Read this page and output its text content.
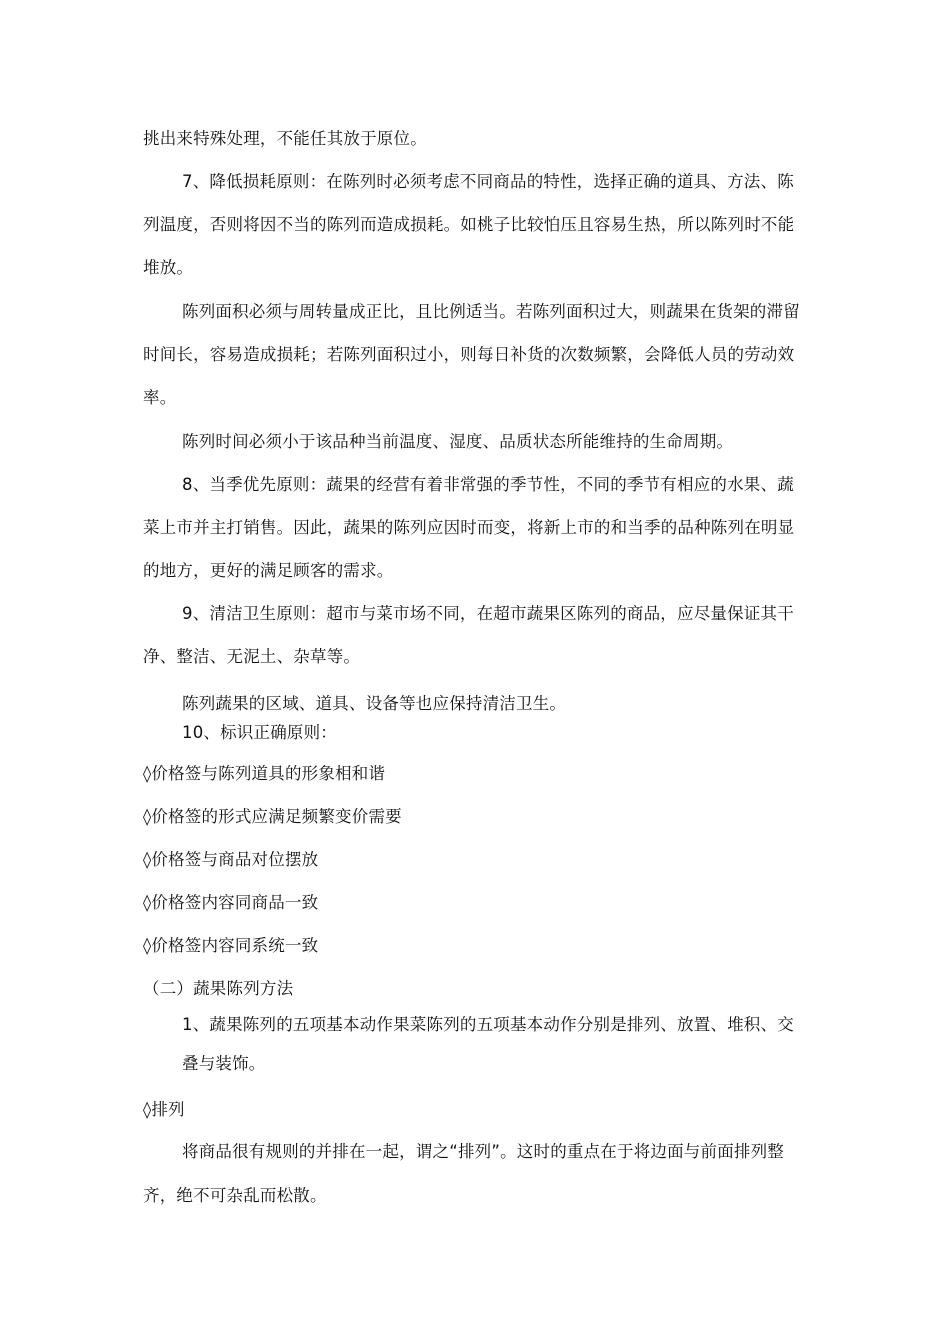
挑出来特殊处理，不能任其放于原位。
7、降低损耗原则：在陈列时必须考虑不同商品的特性，选择正确的道具、方法、陈
列温度，否则将因不当的陈列而造成损耗。如桃子比较怕压且容易生热，所以陈列时不能
堆放。
陈列面积必须与周转量成正比，且比例适当。若陈列面积过大，则蔬果在货架的滞留
时间长，容易造成损耗；若陈列面积过小，则每日补货的次数频繁，会降低人员的劳动效
率。
陈列时间必须小于该品种当前温度、湿度、品质状态所能维持的生命周期。
8、当季优先原则：蔬果的经营有着非常强的季节性，不同的季节有相应的水果、蔬
菜上市并主打销售。因此，蔬果的陈列应因时而变，将新上市的和当季的品种陈列在明显
的地方，更好的满足顾客的需求。
9、清洁卫生原则：超市与菜市场不同，在超市蔬果区陈列的商品，应尽量保证其干
净、整洁、无泥土、杂草等。
陈列蔬果的区域、道具、设备等也应保持清洁卫生。
10、标识正确原则：
◊价格签与陈列道具的形象相和谐
◊价格签的形式应满足频繁变价需要
◊价格签与商品对位摆放
◊价格签内容同商品一致
◊价格签内容同系统一致
（二）蔬果陈列方法
1、蔬果陈列的五项基本动作果菜陈列的五项基本动作分别是排列、放置、堆积、交
叠与装饰。
◊排列
将商品很有规则的并排在一起，谓之“排列”。这时的重点在于将边面与前面排列整
齐，绝不可杂乱而松散。
